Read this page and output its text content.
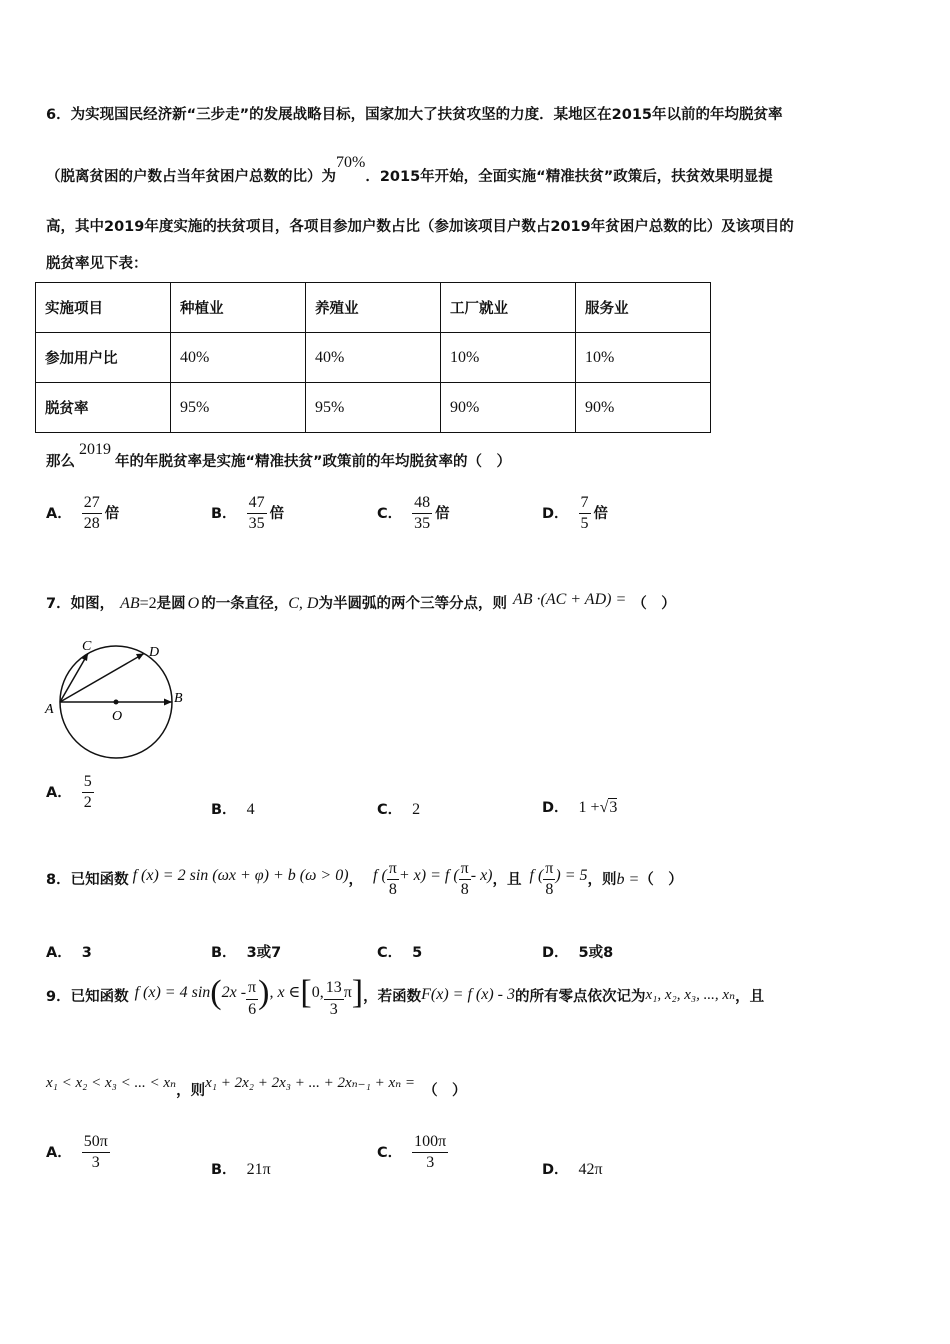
6．为实现国民经济新“三步走”的发展战略目标，国家加大了扶贫攻坚的力度．某地区在2015年以前的年均脱贫率
（脱离贫困的户数占当年贫困户总数的比）为70%．2015年开始，全面实施“精准扶贫”政策后，扶贫效果明显提
高，其中2019年度实施的扶贫项目，各项目参加户数占比（参加该项目户数占2019年贫困户总数的比）及该项目的
脱贫率见下表：
实施项目	种植业	养殖业	工厂就业	服务业
参加用户比	40%	40%	10%	10%
脱贫率	95%	95%	90%	90%
那么2019年的年脱贫率是实施“精准扶贫”政策前的年均脱贫率的（　）
A． $\frac{27}{28}$ 倍	B． $\frac{47}{35}$ 倍	C． $\frac{48}{35}$ 倍	D． $\frac{7}{5}$ 倍
7．如图， AB=2是圆 O 的一条直径，C, D为半圆弧的两个三等分点，则 AB ·(AC + AD) = （　）
A
B
C	D
O
A． $\frac{5}{2}$	B． 4	C． 2	D． 1 +√3
8．已知函数 f (x) = 2 sin (ωx + φ) + b (ω > 0)， f ( $\frac{\pi}{8} + x) = f$ ( $\frac{\pi}{8} - x$)，且 f ( $\frac{\pi}{8}$ ) = 5，则b =（　）
A． 3	B． 3或7	C． 5	D． 5或8
9．已知函数 f (x) = 4 $\sin(2x - \frac{\pi}{6}$ ), x ∈[0, $\frac{13}{3} \pi$]，若函数F(x) = f (x) - 3的所有零点依次记为x₁, x₂, x₃, ..., xₙ，且
x₁ < x₂ < x₃ < ... < xₙ，则x₁ + 2x₂ + 2x₃ + ... + 2xₙ₋₁ + xₙ = （　）
A． $\frac{50\pi}{3}$	B． 21π
C． $\frac{100\pi}{3}$	D． 42π
